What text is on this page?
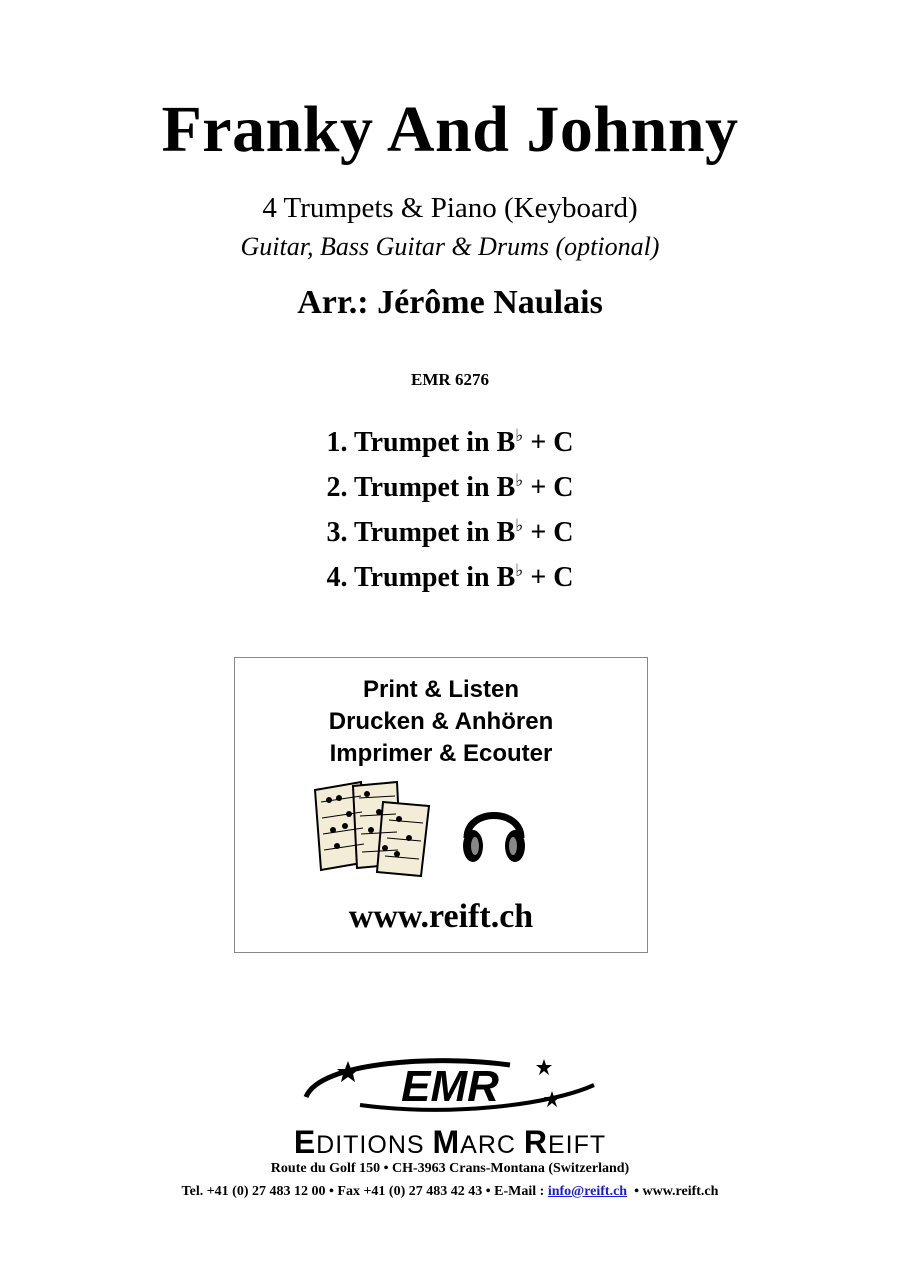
Franky And Johnny
4 Trumpets & Piano (Keyboard)
Guitar, Bass Guitar & Drums (optional)
Arr.: Jérôme Naulais
EMR 6276
1. Trumpet in B♭ + C
2. Trumpet in B♭ + C
3. Trumpet in B♭ + C
4. Trumpet in B♭ + C
Print & Listen
Drucken & Anhören
Imprimer & Ecouter
www.reift.ch
EMR
EDITIONS MARC REIFT
Route du Golf 150 • CH-3963 Crans-Montana (Switzerland)
Tel. +41 (0) 27 483 12 00 • Fax +41 (0) 27 483 42 43 • E-Mail : info@reift.ch  • www.reift.ch
